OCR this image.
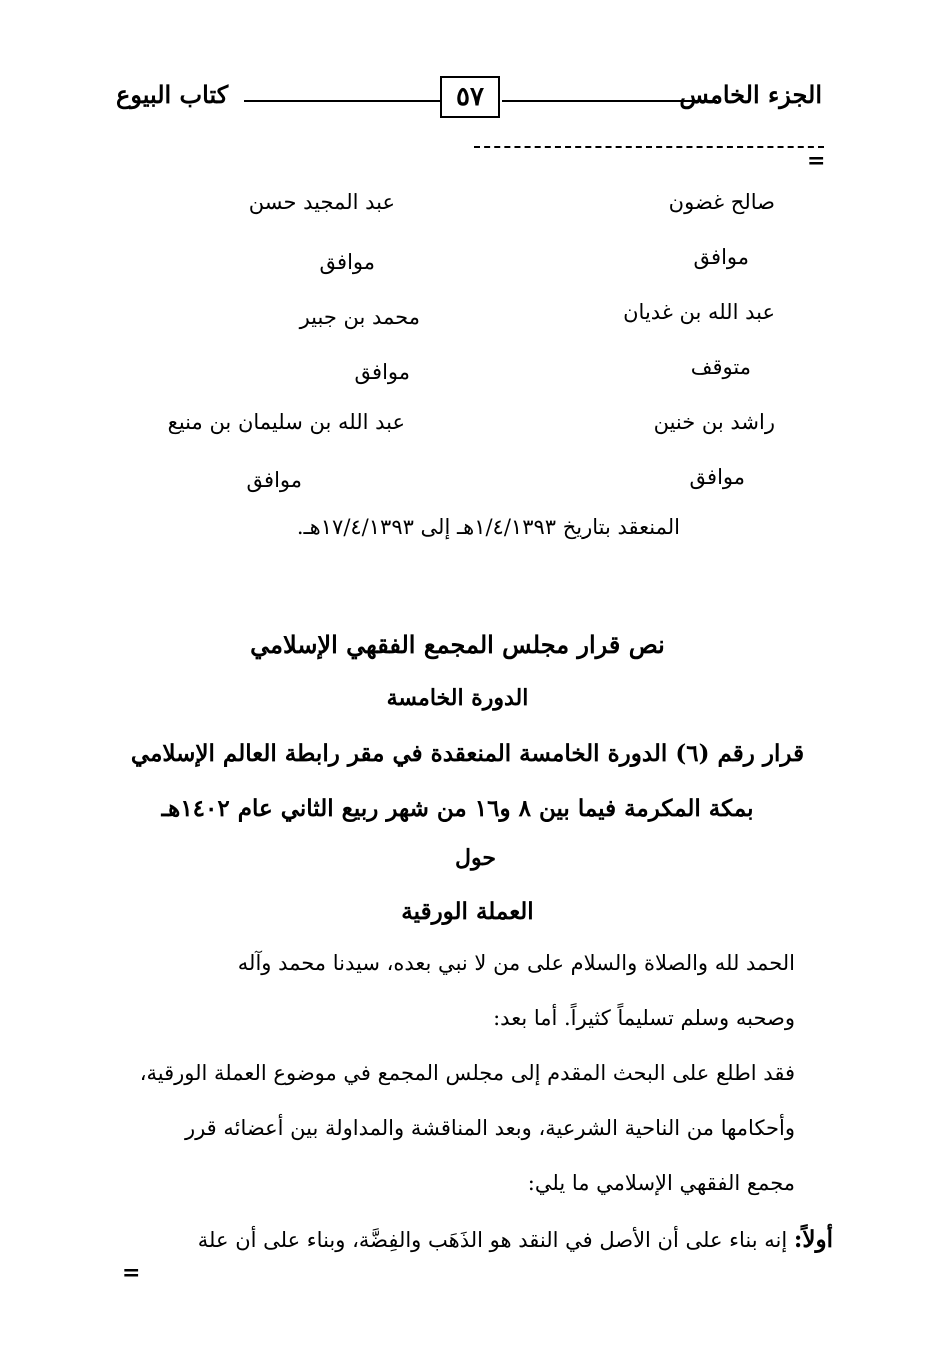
الجزء الخامس
٥٧
كتاب البيوع
=
صالح غضون
موافق
عبد المجيد حسن
موافق
عبد الله بن غديان
متوقف
محمد بن جبير
موافق
راشد بن خنين
موافق
عبد الله بن سليمان بن منيع
موافق
المنعقد بتاريخ ١/٤/١٣٩٣هـ إلى ١٧/٤/١٣٩٣هـ.
نص قرار مجلس المجمع الفقهي الإسلامي
الدورة الخامسة
قرار رقم (٦) الدورة الخامسة المنعقدة في مقر رابطة العالم الإسلامي
بمكة المكرمة فيما بين ٨ و١٦ من شهر ربيع الثاني عام ١٤٠٢هـ
حول
العملة الورقية
الحمد لله والصلاة والسلام على من لا نبي بعده، سيدنا محمد وآله
وصحبه وسلم تسليماً كثيراً. أما بعد:
فقد اطلع على البحث المقدم إلى مجلس المجمع في موضوع العملة الورقية،
وأحكامها من الناحية الشرعية، وبعد المناقشة والمداولة بين أعضائه قرر
مجمع الفقهي الإسلامي ما يلي:
أولاً: إنه بناء على أن الأصل في النقد هو الذَهَب والفِضَّة، وبناء على أن علة
=
